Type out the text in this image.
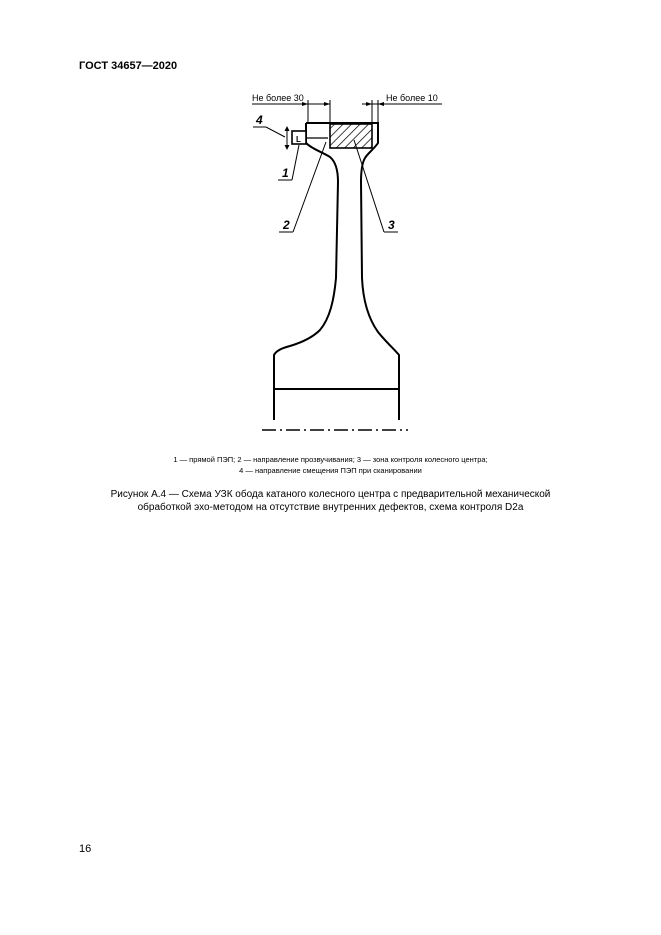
ГОСТ 34657—2020
L
Не более 30	Не более 10
4
1
2	3
1 — прямой ПЭП; 2 — направление прозвучивания; 3 — зона контроля колесного центра;
4 — направление смещения ПЭП при сканировании
Рисунок А.4 — Схема УЗК обода катаного колесного центра с предварительной механической
обработкой эхо-методом на отсутствие внутренних дефектов, схема контроля D2а
16
